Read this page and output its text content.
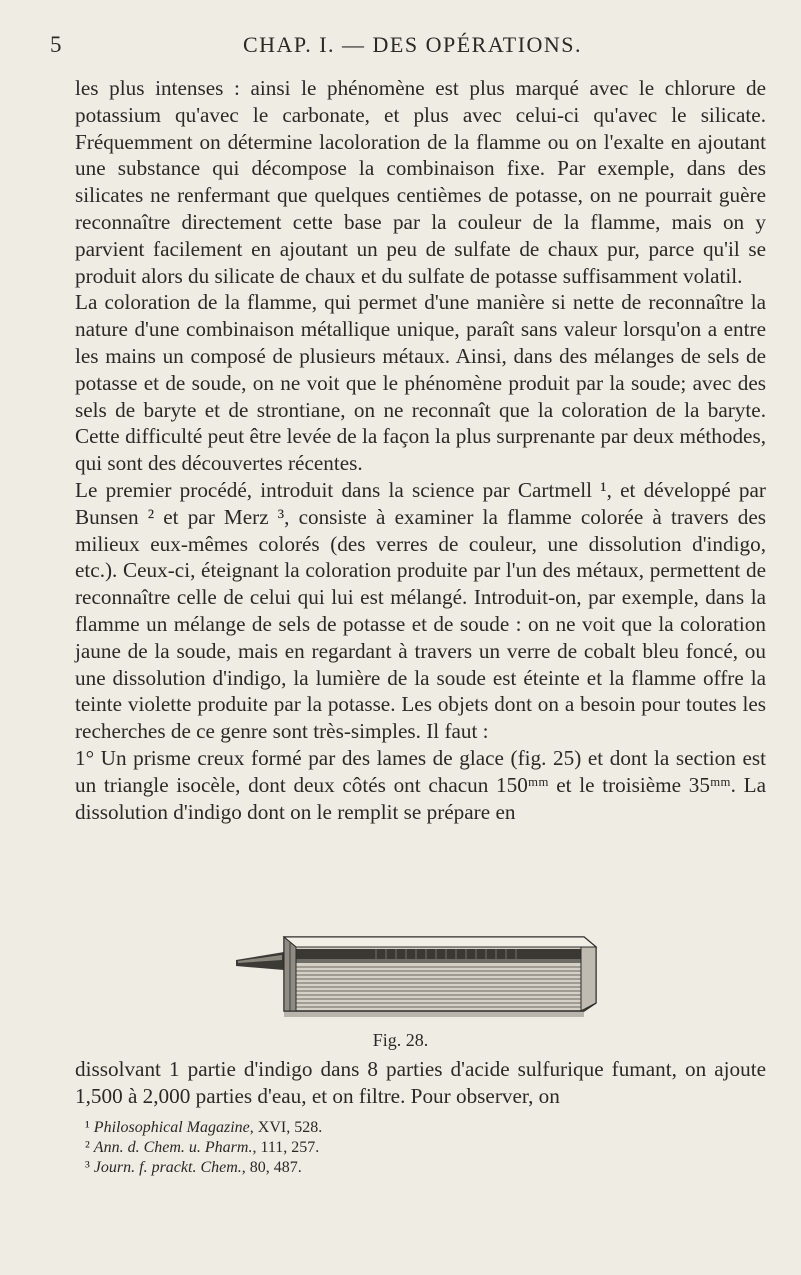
5	CHAP. I. — DES OPÉRATIONS.

les plus intenses : ainsi le phénomène est plus marqué avec le chlorure de potassium qu'avec le carbonate, et plus avec celui-ci qu'avec le silicate. Fréquemment on détermine lacoloration de la flamme ou on l'exalte en ajoutant une substance qui décompose la combinaison fixe. Par exemple, dans des silicates ne renfermant que quelques centièmes de potasse, on ne pourrait guère reconnaître directement cette base par la couleur de la flamme, mais on y parvient facilement en ajoutant un peu de sulfate de chaux pur, parce qu'il se produit alors du silicate de chaux et du sulfate de potasse suffisamment volatil.

La coloration de la flamme, qui permet d'une manière si nette de reconnaître la nature d'une combinaison métallique unique, paraît sans valeur lorsqu'on a entre les mains un composé de plusieurs métaux. Ainsi, dans des mélanges de sels de potasse et de soude, on ne voit que le phénomène produit par la soude; avec des sels de baryte et de strontiane, on ne reconnaît que la coloration de la baryte. Cette difficulté peut être levée de la façon la plus surprenante par deux méthodes, qui sont des découvertes récentes.

Le premier procédé, introduit dans la science par Cartmell ¹, et développé par Bunsen ² et par Merz ³, consiste à examiner la flamme colorée à travers des milieux eux-mêmes colorés (des verres de couleur, une dissolution d'indigo, etc.). Ceux-ci, éteignant la coloration produite par l'un des métaux, permettent de reconnaître celle de celui qui lui est mélangé. Introduit-on, par exemple, dans la flamme un mélange de sels de potasse et de soude : on ne voit que la coloration jaune de la soude, mais en regardant à travers un verre de cobalt bleu foncé, ou une dissolution d'indigo, la lumière de la soude est éteinte et la flamme offre la teinte violette produite par la potasse. Les objets dont on a besoin pour toutes les recherches de ce genre sont très-simples. Il faut :

1° Un prisme creux formé par des lames de glace (fig. 25) et dont la section est un triangle isocèle, dont deux côtés ont chacun 150ᵐᵐ et le troisième 35ᵐᵐ. La dissolution d'indigo dont on le remplit se prépare en

Fig. 28.
dissolvant 1 partie d'indigo dans 8 parties d'acide sulfurique fumant, on ajoute 1,500 à 2,000 parties d'eau, et on filtre. Pour observer, on
¹ Philosophical Magazine, XVI, 528.
² Ann. d. Chem. u. Pharm., 111, 257.
³ Journ. f. prackt. Chem., 80, 487.
